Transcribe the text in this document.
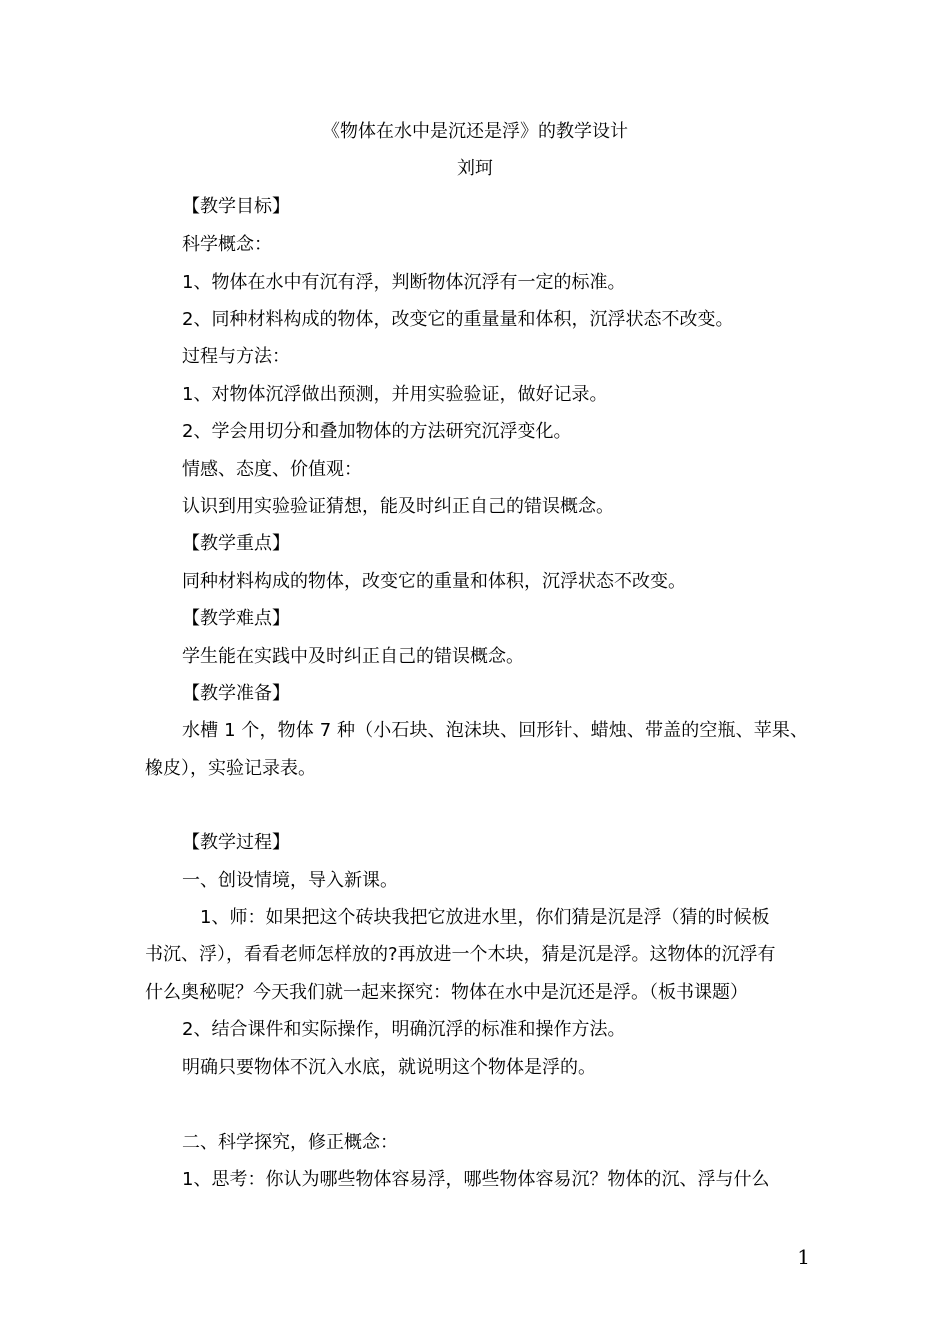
《物体在水中是沉还是浮》的教学设计
刘珂
【教学目标】
科学概念：
1、物体在水中有沉有浮，判断物体沉浮有一定的标准。
2、同种材料构成的物体，改变它的重量量和体积，沉浮状态不改变。
过程与方法：
1、对物体沉浮做出预测，并用实验验证，做好记录。
2、学会用切分和叠加物体的方法研究沉浮变化。
情感、态度、价值观：
认识到用实验验证猜想，能及时纠正自己的错误概念。
【教学重点】
同种材料构成的物体，改变它的重量和体积，沉浮状态不改变。
【教学难点】
学生能在实践中及时纠正自己的错误概念。
【教学准备】
水槽 1 个，物体 7 种（小石块、泡沫块、回形针、蜡烛、带盖的空瓶、苹果、
橡皮），实验记录表。
【教学过程】
一、创设情境，导入新课。
1、师：如果把这个砖块我把它放进水里，你们猜是沉是浮（猜的时候板
书沉、浮），看看老师怎样放的?再放进一个木块，猜是沉是浮。这物体的沉浮有
什么奥秘呢？今天我们就一起来探究：物体在水中是沉还是浮。（板书课题）
2、结合课件和实际操作，明确沉浮的标准和操作方法。
明确只要物体不沉入水底，就说明这个物体是浮的。
二、科学探究，修正概念：
1、思考：你认为哪些物体容易浮，哪些物体容易沉？物体的沉、浮与什么
1
